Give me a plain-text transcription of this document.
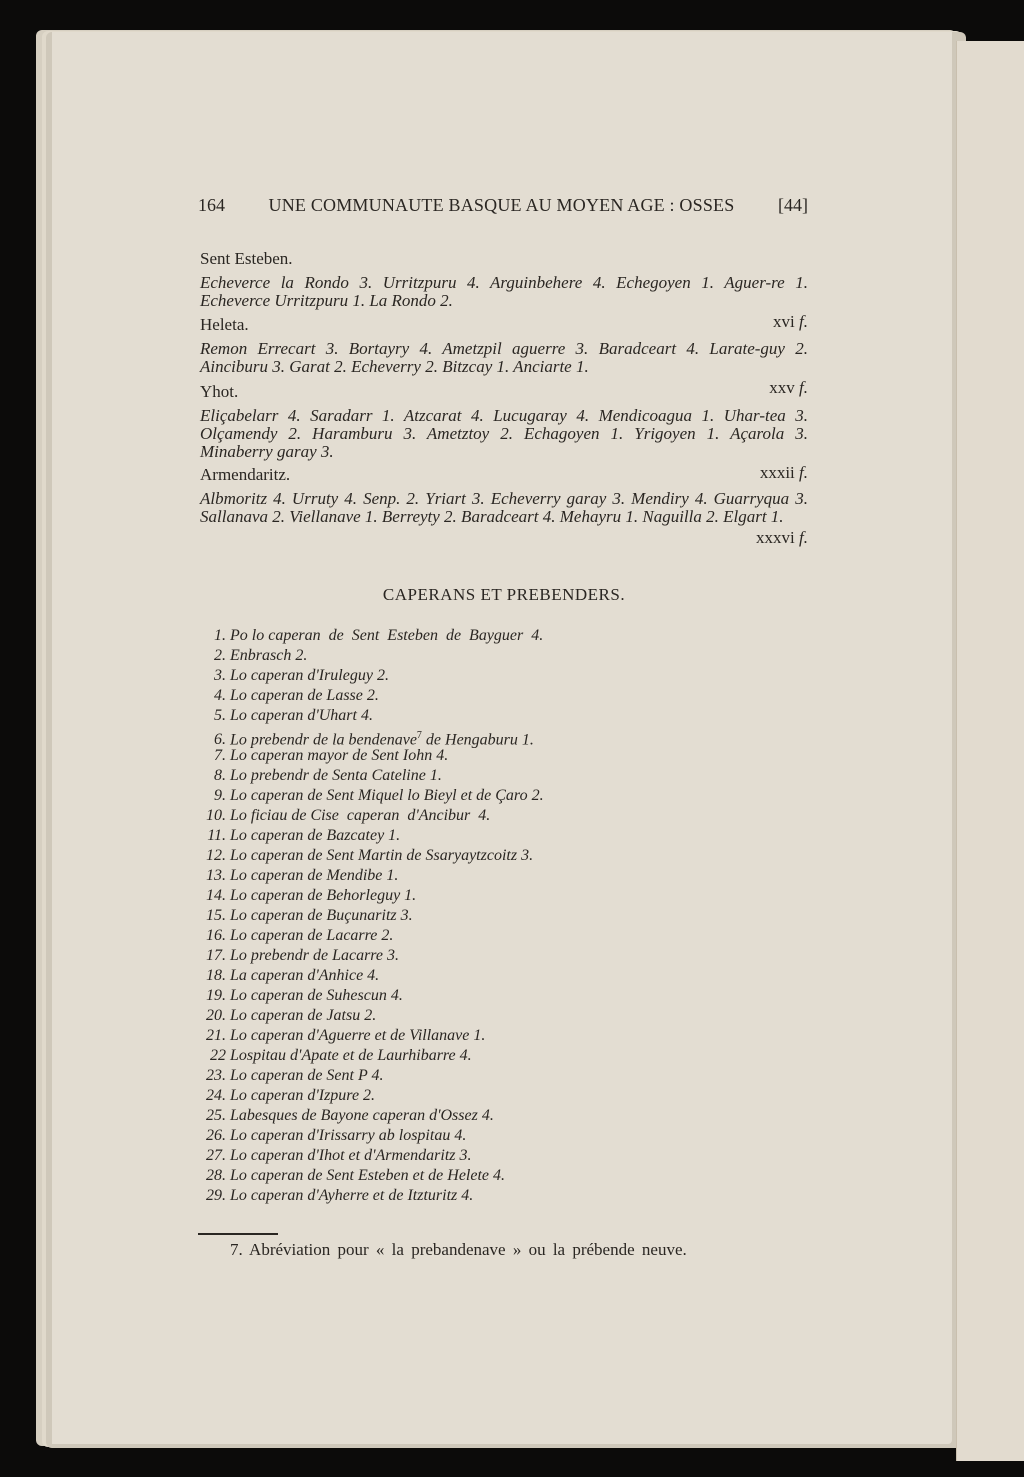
164 UNE COMMUNAUTE BASQUE AU MOYEN AGE : OSSES [44]
Sent Esteben.
Echeverce la Rondo 3. Urritzpuru 4. Arguinbehere 4. Echegoyen 1. Aguer-re 1. Echeverce Urritzpuru 1. La Rondo 2.
xvi f.
Heleta.
Remon Errecart 3. Bortayry 4. Ametzpil aguerre 3. Baradceart 4. Larate-guy 2. Ainciburu 3. Garat 2. Echeverry 2. Bitzcay 1. Anciarte 1.
xxv f.
Yhot.
Eliçabelarr 4. Saradarr 1. Atzcarat 4. Lucugaray 4. Mendicoagua 1. Uhar-tea 3. Olçamendy 2. Haramburu 3. Ametztoy 2. Echagoyen 1. Yrigoyen 1. Açarola 3. Minaberry garay 3.
xxxii f.
Armendaritz.
Albmoritz 4. Urruty 4. Senp. 2. Yriart 3. Echeverry garay 3. Mendiry 4. Guarryqua 3. Sallanava 2. Viellanave 1. Berreyty 2. Baradceart 4. Mehayru 1. Naguilla 2. Elgart 1.
xxxvi f.
CAPERANS ET PREBENDERS.
1. Po lo caperan  de  Sent  Esteben  de  Bayguer  4.
2. Enbrasch 2.
3. Lo caperan d'Iruleguy 2.
4. Lo caperan de Lasse 2.
5. Lo caperan d'Uhart 4.
6. Lo prebendr de la bendenave$^7$ de Hengaburu 1.
7. Lo caperan mayor de Sent Iohn 4.
8. Lo prebendr de Senta Cateline 1.
9. Lo caperan de Sent Miquel lo Bieyl et de Çaro 2.
10. Lo ficiau de Cise  caperan  d'Ancibur  4.
11. Lo caperan de Bazcatey 1.
12. Lo caperan de Sent Martin de Ssaryaytzcoitz 3.
13. Lo caperan de Mendibe 1.
14. Lo caperan de Behorleguy 1.
15. Lo caperan de Buçunaritz 3.
16. Lo caperan de Lacarre 2.
17. Lo prebendr de Lacarre 3.
18. La caperan d'Anhice 4.
19. Lo caperan de Suhescun 4.
20. Lo caperan de Jatsu 2.
21. Lo caperan d'Aguerre et de Villanave 1.
22 Lospitau d'Apate et de Laurhibarre 4.
23. Lo caperan de Sent P 4.
24. Lo caperan d'Izpure 2.
25. Labesques de Bayone caperan d'Ossez 4.
26. Lo caperan d'Irissarry ab lospitau 4.
27. Lo caperan d'Ihot et d'Armendaritz 3.
28. Lo caperan de Sent Esteben et de Helete 4.
29. Lo caperan d'Ayherre et de Itzturitz 4.
7. Abréviation pour « la prebandenave » ou la prébende neuve.
